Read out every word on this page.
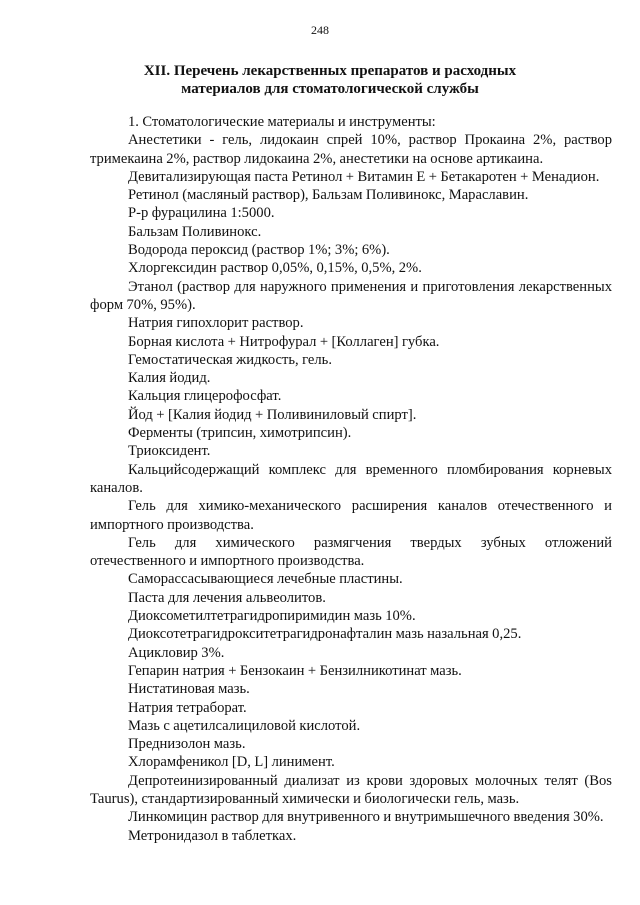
248
XII. Перечень лекарственных препаратов и расходных
материалов для стоматологической службы

1. Стоматологические материалы и инструменты:

Анестетики - гель, лидокаин спрей 10%, раствор Прокаина 2%, раствор тримекаина 2%, раствор лидокаина 2%, анестетики на основе артикаина.

Девитализирующая паста Ретинол + Витамин Е + Бетакаротен + Менадион.

Ретинол (масляный раствор), Бальзам Поливинокс, Мараславин.

Р-р фурацилина 1:5000.

Бальзам Поливинокс.

Водорода пероксид (раствор 1%; 3%; 6%).

Хлоргексидин раствор 0,05%, 0,15%, 0,5%, 2%.

Этанол (раствор для наружного применения и приготовления лекарственных форм 70%, 95%).

Натрия гипохлорит раствор.

Борная кислота + Нитрофурал + [Коллаген] губка.

Гемостатическая жидкость, гель.

Калия йодид.

Кальция глицерофосфат.

Йод + [Калия йодид + Поливиниловый спирт].

Ферменты (трипсин, химотрипсин).

Триоксидент.

Кальцийсодержащий комплекс для временного пломбирования корневых каналов.

Гель для химико-механического расширения каналов отечественного и импортного производства.

Гель для химического размягчения твердых зубных отложений отечественного и импортного производства.

Саморассасывающиеся лечебные пластины.

Паста для лечения альвеолитов.

Диоксометилтетрагидропиримидин мазь 10%.

Диоксотетрагидрокситетрагидронафталин мазь назальная 0,25.

Ацикловир 3%.

Гепарин натрия + Бензокаин + Бензилникотинат мазь.

Нистатиновая мазь.

Натрия тетраборат.

Мазь с ацетилсалициловой кислотой.

Преднизолон мазь.

Хлорамфеникол [D, L] линимент.

Депротеинизированный диализат из крови здоровых молочных телят (Bos Taurus), стандартизированный химически и биологически гель, мазь.

Линкомицин раствор для внутривенного и внутримышечного введения 30%.

Метронидазол в таблетках.
